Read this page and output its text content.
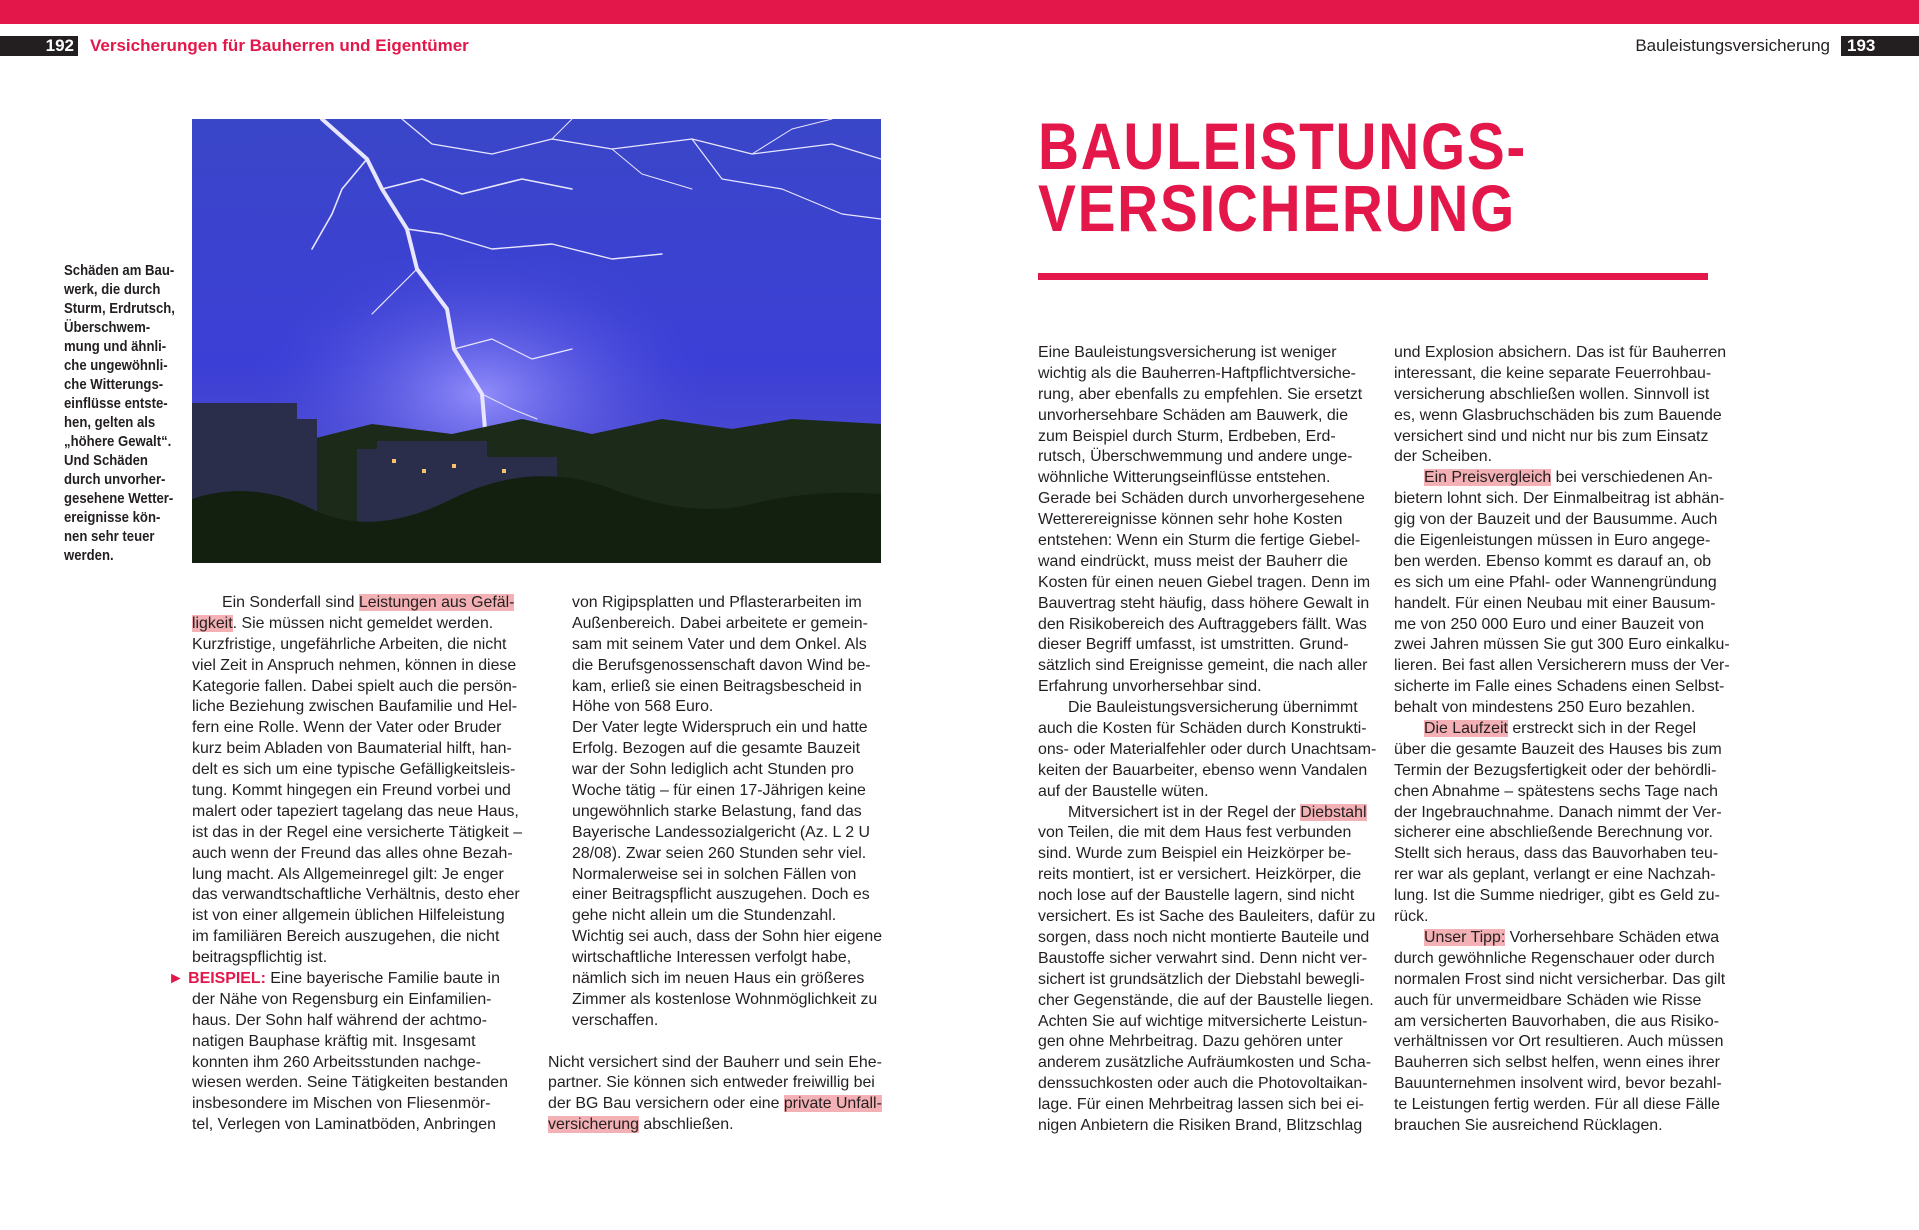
192 Versicherungen für Bauherren und Eigentümer	Bauleistungsversicherung	193
Schäden am Bau-
werk, die durch
Sturm, Erdrutsch,
Überschwem-
mung und ähnli-
che ungewöhnli-
che Witterungs-
einflüsse entste-
hen, gelten als
„höhere Gewalt“.
Und Schäden
durch unvorher-
gesehene Wetter-
ereignisse kön-
nen sehr teuer
werden.
BAULEISTUNGS-
VERSICHERUNG
Ein Sonderfall sind Leistungen aus Gefäl-
ligkeit. Sie müssen nicht gemeldet werden.
Kurzfristige, ungefährliche Arbeiten, die nicht
viel Zeit in Anspruch nehmen, können in diese
Kategorie fallen. Dabei spielt auch die persön-
liche Beziehung zwischen Baufamilie und Hel-
fern eine Rolle. Wenn der Vater oder Bruder
kurz beim Abladen von Baumaterial hilft, han-
delt es sich um eine typische Gefälligkeitsleis-
tung. Kommt hingegen ein Freund vorbei und
malert oder tapeziert tagelang das neue Haus,
ist das in der Regel eine versicherte Tätigkeit –
auch wenn der Freund das alles ohne Bezah-
lung macht. Als Allgemeinregel gilt: Je enger
das verwandtschaftliche Verhältnis, desto eher
ist von einer allgemein üblichen Hilfeleistung
im familiären Bereich auszugehen, die nicht
beitragspflichtig ist.
► BEISPIEL: Eine bayerische Familie baute in
der Nähe von Regensburg ein Einfamilien-
haus. Der Sohn half während der achtmo-
natigen Bauphase kräftig mit. Insgesamt
konnten ihm 260 Arbeitsstunden nachge-
wiesen werden. Seine Tätigkeiten bestanden
insbesondere im Mischen von Fliesenmör-
tel, Verlegen von Laminatböden, Anbringen
von Rigipsplatten und Pflasterarbeiten im
Außenbereich. Dabei arbeitete er gemein-
sam mit seinem Vater und dem Onkel. Als
die Berufsgenossenschaft davon Wind be-
kam, erließ sie einen Beitragsbescheid in
Höhe von 568 Euro.
Der Vater legte Widerspruch ein und hatte
Erfolg. Bezogen auf die gesamte Bauzeit
war der Sohn lediglich acht Stunden pro
Woche tätig – für einen 17-Jährigen keine
ungewöhnlich starke Belastung, fand das
Bayerische Landessozialgericht (Az. L 2 U
28/08). Zwar seien 260 Stunden sehr viel.
Normalerweise sei in solchen Fällen von
einer Beitragspflicht auszugehen. Doch es
gehe nicht allein um die Stundenzahl.
Wichtig sei auch, dass der Sohn hier eigene
wirtschaftliche Interessen verfolgt habe,
nämlich sich im neuen Haus ein größeres
Zimmer als kostenlose Wohnmöglichkeit zu
verschaffen.
Nicht versichert sind der Bauherr und sein Ehe-
partner. Sie können sich entweder freiwillig bei
der BG Bau versichern oder eine private Unfall-
versicherung abschließen.
Eine Bauleistungsversicherung ist weniger
wichtig als die Bauherren-Haftpflichtversiche-
rung, aber ebenfalls zu empfehlen. Sie ersetzt
unvorhersehbare Schäden am Bauwerk, die
zum Beispiel durch Sturm, Erdbeben, Erd-
rutsch, Überschwemmung und andere unge-
wöhnliche Witterungseinflüsse entstehen.
Gerade bei Schäden durch unvorhergesehene
Wetterereignisse können sehr hohe Kosten
entstehen: Wenn ein Sturm die fertige Giebel-
wand eindrückt, muss meist der Bauherr die
Kosten für einen neuen Giebel tragen. Denn im
Bauvertrag steht häufig, dass höhere Gewalt in
den Risikobereich des Auftraggebers fällt. Was
dieser Begriff umfasst, ist umstritten. Grund-
sätzlich sind Ereignisse gemeint, die nach aller
Erfahrung unvorhersehbar sind.
Die Bauleistungsversicherung übernimmt
auch die Kosten für Schäden durch Konstrukti-
ons- oder Materialfehler oder durch Unachtsam-
keiten der Bauarbeiter, ebenso wenn Vandalen
auf der Baustelle wüten.
Mitversichert ist in der Regel der Diebstahl
von Teilen, die mit dem Haus fest verbunden
sind. Wurde zum Beispiel ein Heizkörper be-
reits montiert, ist er versichert. Heizkörper, die
noch lose auf der Baustelle lagern, sind nicht
versichert. Es ist Sache des Bauleiters, dafür zu
sorgen, dass noch nicht montierte Bauteile und
Baustoffe sicher verwahrt sind. Denn nicht ver-
sichert ist grundsätzlich der Diebstahl bewegli-
cher Gegenstände, die auf der Baustelle liegen.
Achten Sie auf wichtige mitversicherte Leistun-
gen ohne Mehrbeitrag. Dazu gehören unter
anderem zusätzliche Aufräumkosten und Scha-
denssuchkosten oder auch die Photovoltaikan-
lage. Für einen Mehrbeitrag lassen sich bei ei-
nigen Anbietern die Risiken Brand, Blitzschlag
und Explosion absichern. Das ist für Bauherren
interessant, die keine separate Feuerrohbau-
versicherung abschließen wollen. Sinnvoll ist
es, wenn Glasbruchschäden bis zum Bauende
versichert sind und nicht nur bis zum Einsatz
der Scheiben.
Ein Preisvergleich bei verschiedenen An-
bietern lohnt sich. Der Einmalbeitrag ist abhän-
gig von der Bauzeit und der Bausumme. Auch
die Eigenleistungen müssen in Euro angege-
ben werden. Ebenso kommt es darauf an, ob
es sich um eine Pfahl- oder Wannengründung
handelt. Für einen Neubau mit einer Bausum-
me von 250 000 Euro und einer Bauzeit von
zwei Jahren müssen Sie gut 300 Euro einkalku-
lieren. Bei fast allen Versicherern muss der Ver-
sicherte im Falle eines Schadens einen Selbst-
behalt von mindestens 250 Euro bezahlen.
Die Laufzeit erstreckt sich in der Regel
über die gesamte Bauzeit des Hauses bis zum
Termin der Bezugsfertigkeit oder der behördli-
chen Abnahme – spätestens sechs Tage nach
der Ingebrauchnahme. Danach nimmt der Ver-
sicherer eine abschließende Berechnung vor.
Stellt sich heraus, dass das Bauvorhaben teu-
rer war als geplant, verlangt er eine Nachzah-
lung. Ist die Summe niedriger, gibt es Geld zu-
rück.
Unser Tipp: Vorhersehbare Schäden etwa
durch gewöhnliche Regenschauer oder durch
normalen Frost sind nicht versicherbar. Das gilt
auch für unvermeidbare Schäden wie Risse
am versicherten Bauvorhaben, die aus Risiko-
verhältnissen vor Ort resultieren. Auch müssen
Bauherren sich selbst helfen, wenn eines ihrer
Bauunternehmen insolvent wird, bevor bezahl-
te Leistungen fertig werden. Für all diese Fälle
brauchen Sie ausreichend Rücklagen.
